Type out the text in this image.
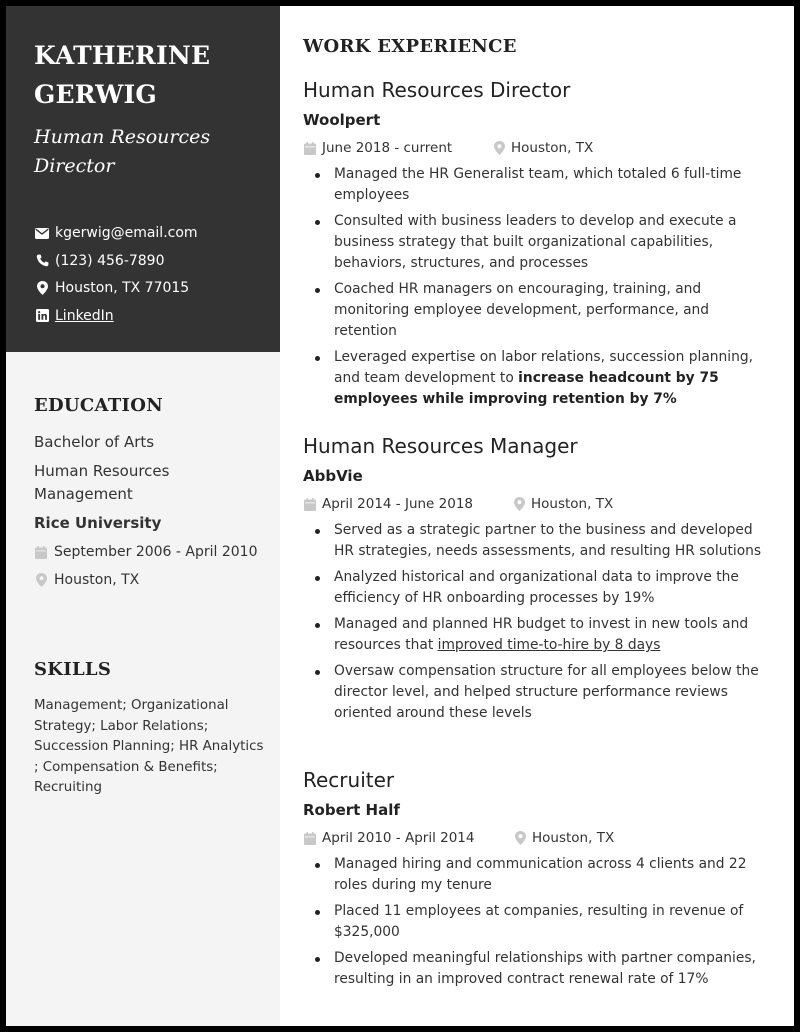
KATHERINE
GERWIG
Human Resources
Director
kgerwig@email.com
(123) 456-7890
Houston, TX 77015
LinkedIn
EDUCATION
Bachelor of Arts
Human Resources
Management
Rice University
September 2006 - April 2010
Houston, TX
SKILLS
Management; Organizational
Strategy; Labor Relations;
Succession Planning; HR Analytics
; Compensation & Benefits;
Recruiting
WORK EXPERIENCE
Human Resources Director
Woolpert
June 2018 - current	Houston, TX
Managed the HR Generalist team, which totaled 6 full-time employees
Consulted with business leaders to develop and execute a business strategy that built organizational capabilities, behaviors, structures, and processes
Coached HR managers on encouraging, training, and monitoring employee development, performance, and retention
Leveraged expertise on labor relations, succession planning, and team development to increase headcount by 75 employees while improving retention by 7%
Human Resources Manager
AbbVie
April 2014 - June 2018	Houston, TX
Served as a strategic partner to the business and developed HR strategies, needs assessments, and resulting HR solutions
Analyzed historical and organizational data to improve the efficiency of HR onboarding processes by 19%
Managed and planned HR budget to invest in new tools and resources that improved time-to-hire by 8 days
Oversaw compensation structure for all employees below the director level, and helped structure performance reviews oriented around these levels
Recruiter
Robert Half
April 2010 - April 2014	Houston, TX
Managed hiring and communication across 4 clients and 22 roles during my tenure
Placed 11 employees at companies, resulting in revenue of $325,000
Developed meaningful relationships with partner companies, resulting in an improved contract renewal rate of 17%
